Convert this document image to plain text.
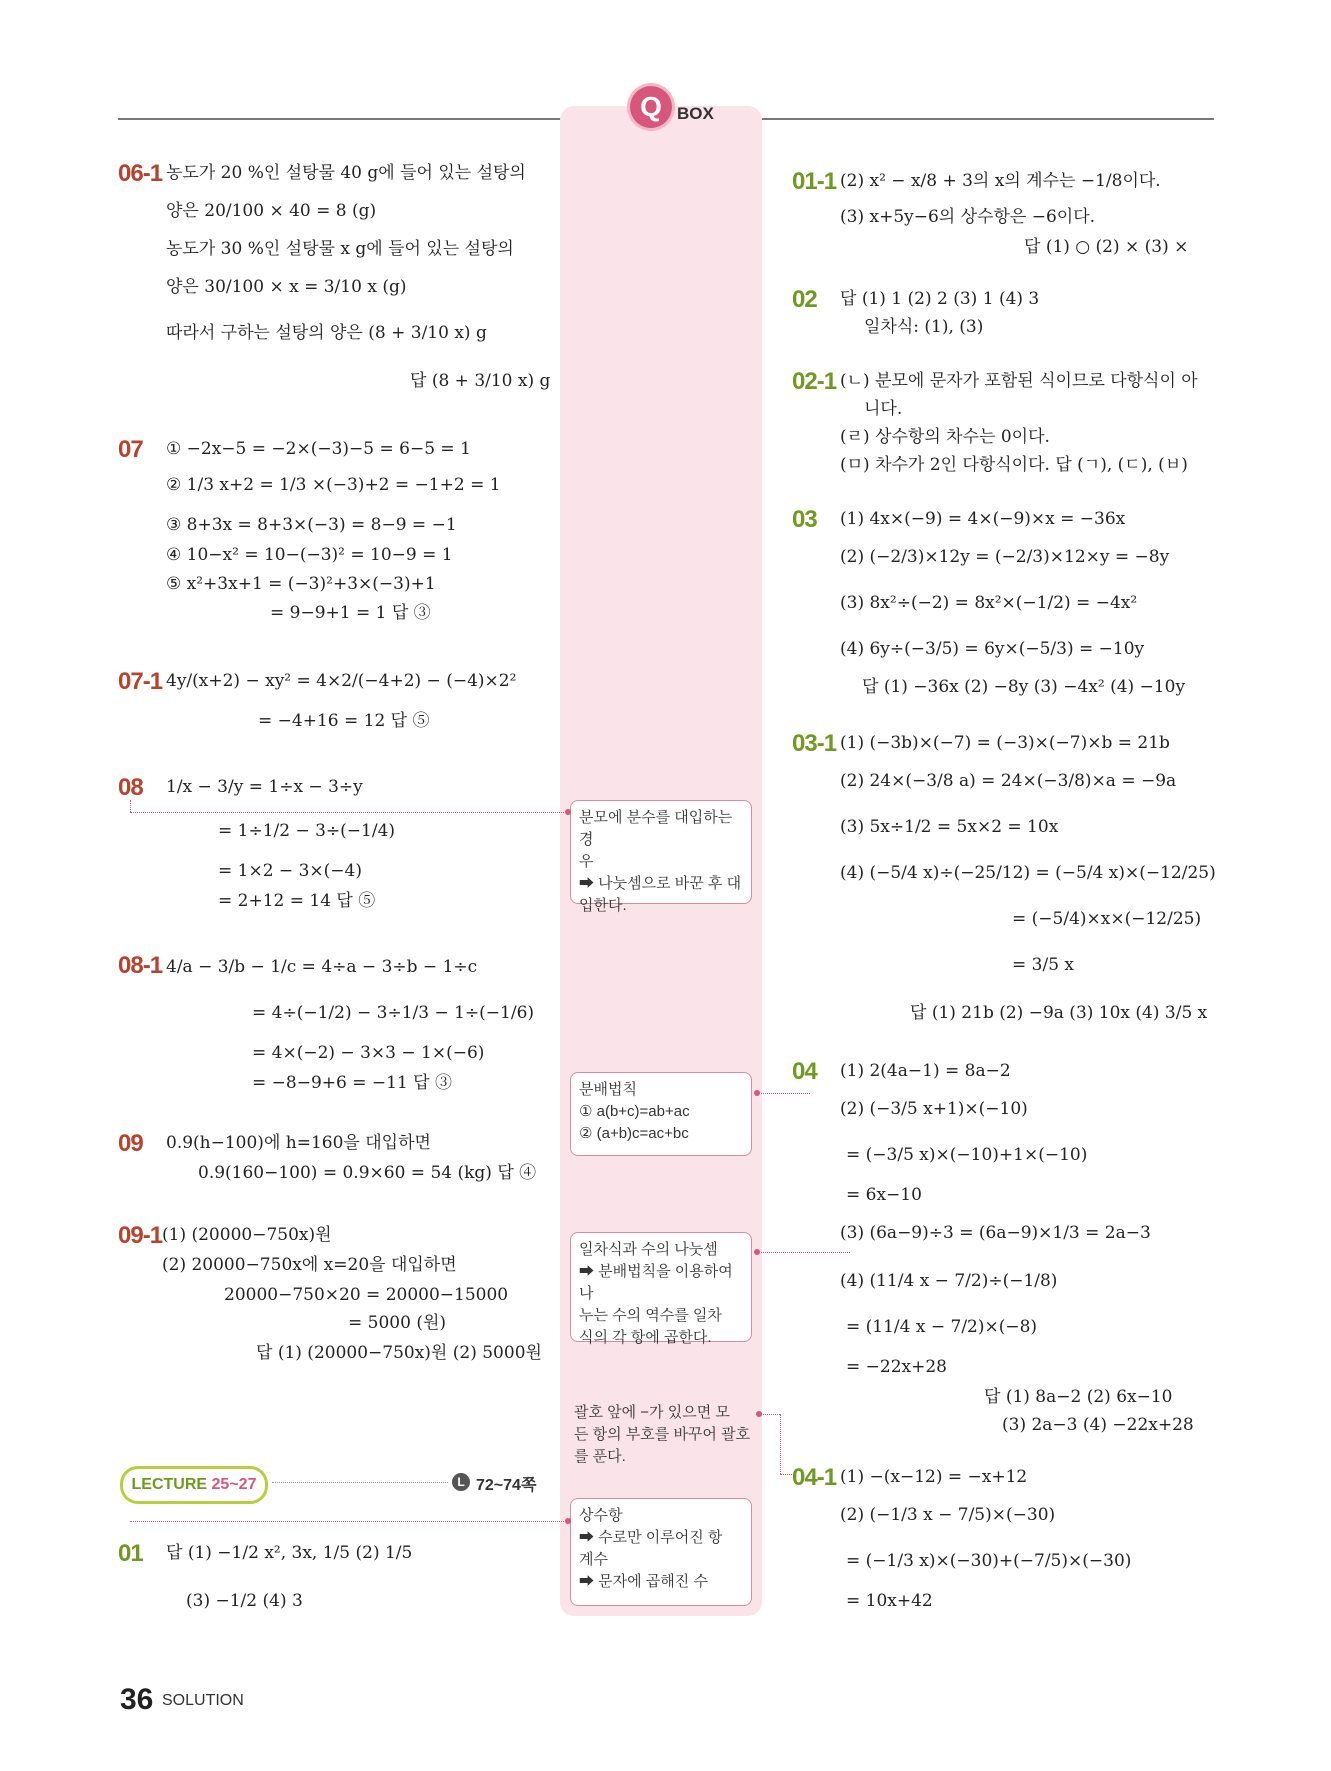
Q BOX
06-1 농도가 20 %인 설탕물 40 g에 들어 있는 설탕의
양은 20/100 × 40 = 8 (g)
농도가 30 %인 설탕물 x g에 들어 있는 설탕의
양은 30/100 × x = 3/10 x (g)
따라서 구하는 설탕의 양은 (8 + 3/10 x) g
답 (8 + 3/10 x) g
07 ① −2x−5 = −2×(−3)−5 = 6−5 = 1
② 1/3 x+2 = 1/3 ×(−3)+2 = −1+2 = 1
③ 8+3x = 8+3×(−3) = 8−9 = −1
④ 10−x² = 10−(−3)² = 10−9 = 1
⑤ x²+3x+1 = (−3)²+3×(−3)+1
= 9−9+1 = 1 답 ③
07-1 4y/(x+2) − xy² = 4×2/(−4+2) − (−4)×2²
= −4+16 = 12 답 ⑤
08 1/x − 3/y = 1÷x − 3÷y
= 1÷1/2 − 3÷(−1/4)
= 1×2 − 3×(−4)
= 2+12 = 14 답 ⑤
08-1 4/a − 3/b − 1/c = 4÷a − 3÷b − 1÷c
= 4÷(−1/2) − 3÷1/3 − 1÷(−1/6)
= 4×(−2) − 3×3 − 1×(−6)
= −8−9+6 = −11 답 ③
09 0.9(h−100)에 h=160을 대입하면
0.9(160−100) = 0.9×60 = 54 (kg) 답 ④
09-1 (1) (20000−750x)원
(2) 20000−750x에 x=20을 대입하면
20000−750×20 = 20000−15000
= 5000 (원)
답 (1) (20000−750x)원 (2) 5000원
LECTURE 25~27	L 72~74쪽
01 답 (1) −1/2 x², 3x, 1/5 (2) 1/5
(3) −1/2 (4) 3
분모에 분수를 대입하는 경
우
➡ 나눗셈으로 바꾼 후 대
입한다.
분배법칙
① a(b+c)=ab+ac
② (a+b)c=ac+bc
일차식과 수의 나눗셈
➡ 분배법칙을 이용하여 나
누는 수의 역수를 일차
식의 각 항에 곱한다.
괄호 앞에 −가 있으면 모
든 항의 부호를 바꾸어 괄호
를 푼다.
상수항
➡ 수로만 이루어진 항
계수
➡ 문자에 곱해진 수
01-1 (2) x² − x/8 + 3의 x의 계수는 −1/8이다.
(3) x+5y−6의 상수항은 −6이다.
답 (1) ○ (2) × (3) ×
02 답 (1) 1 (2) 2 (3) 1 (4) 3
일차식: (1), (3)
02-1 (ㄴ) 분모에 문자가 포함된 식이므로 다항식이 아
니다.
(ㄹ) 상수항의 차수는 0이다.
(ㅁ) 차수가 2인 다항식이다. 답 (ㄱ), (ㄷ), (ㅂ)
03 (1) 4x×(−9) = 4×(−9)×x = −36x
(2) (−2/3)×12y = (−2/3)×12×y = −8y
(3) 8x²÷(−2) = 8x²×(−1/2) = −4x²
(4) 6y÷(−3/5) = 6y×(−5/3) = −10y
답 (1) −36x (2) −8y (3) −4x² (4) −10y
03-1 (1) (−3b)×(−7) = (−3)×(−7)×b = 21b
(2) 24×(−3/8 a) = 24×(−3/8)×a = −9a
(3) 5x÷1/2 = 5x×2 = 10x
(4) (−5/4 x)÷(−25/12) = (−5/4 x)×(−12/25)
= (−5/4)×x×(−12/25)
= 3/5 x
답 (1) 21b (2) −9a (3) 10x (4) 3/5 x
04 (1) 2(4a−1) = 8a−2
(2) (−3/5 x+1)×(−10)
= (−3/5 x)×(−10)+1×(−10)
= 6x−10
(3) (6a−9)÷3 = (6a−9)×1/3 = 2a−3
(4) (11/4 x − 7/2)÷(−1/8)
= (11/4 x − 7/2)×(−8)
= −22x+28
답 (1) 8a−2 (2) 6x−10
(3) 2a−3 (4) −22x+28
04-1 (1) −(x−12) = −x+12
(2) (−1/3 x − 7/5)×(−30)
= (−1/3 x)×(−30)+(−7/5)×(−30)
= 10x+42
36 SOLUTION
